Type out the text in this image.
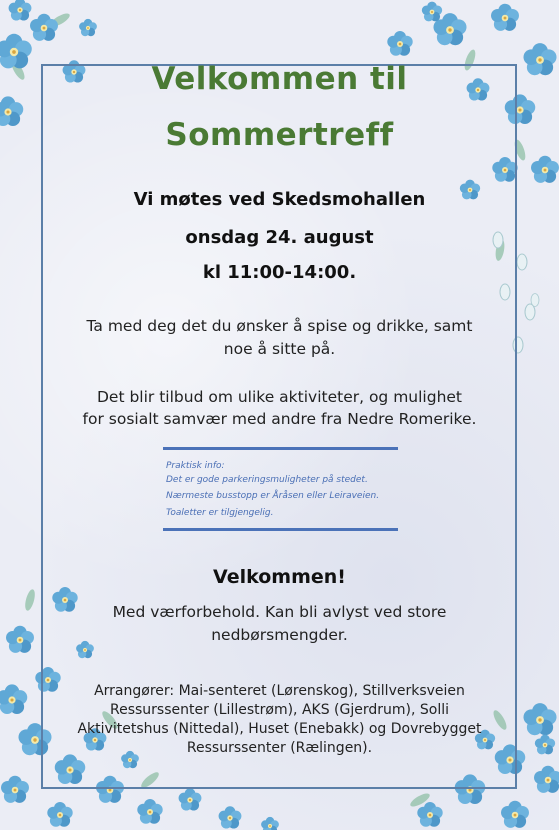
Velkommen til

Sommertreff

Vi møtes ved Skedsmohallen

onsdag 24. august

kl 11:00-14:00.

Ta med deg det du ønsker å spise og drikke, samt

noe å sitte på.

Det blir tilbud om ulike aktiviteter, og mulighet

for sosialt samvær med andre fra Nedre Romerike.

Praktisk info:
Det er gode parkeringsmuligheter på stedet.
Nærmeste busstopp er Åråsen eller Leiraveien.
Toaletter er tilgjengelig.

Velkommen!

Med værforbehold. Kan bli avlyst ved store

nedbørsmengder.

Arrangører: Mai-senteret (Lørenskog), Stillverksveien

Ressurssenter (Lillestrøm), AKS (Gjerdrum), Solli

Aktivitetshus (Nittedal), Huset (Enebakk) og Dovrebygget

Ressurssenter (Rælingen).
